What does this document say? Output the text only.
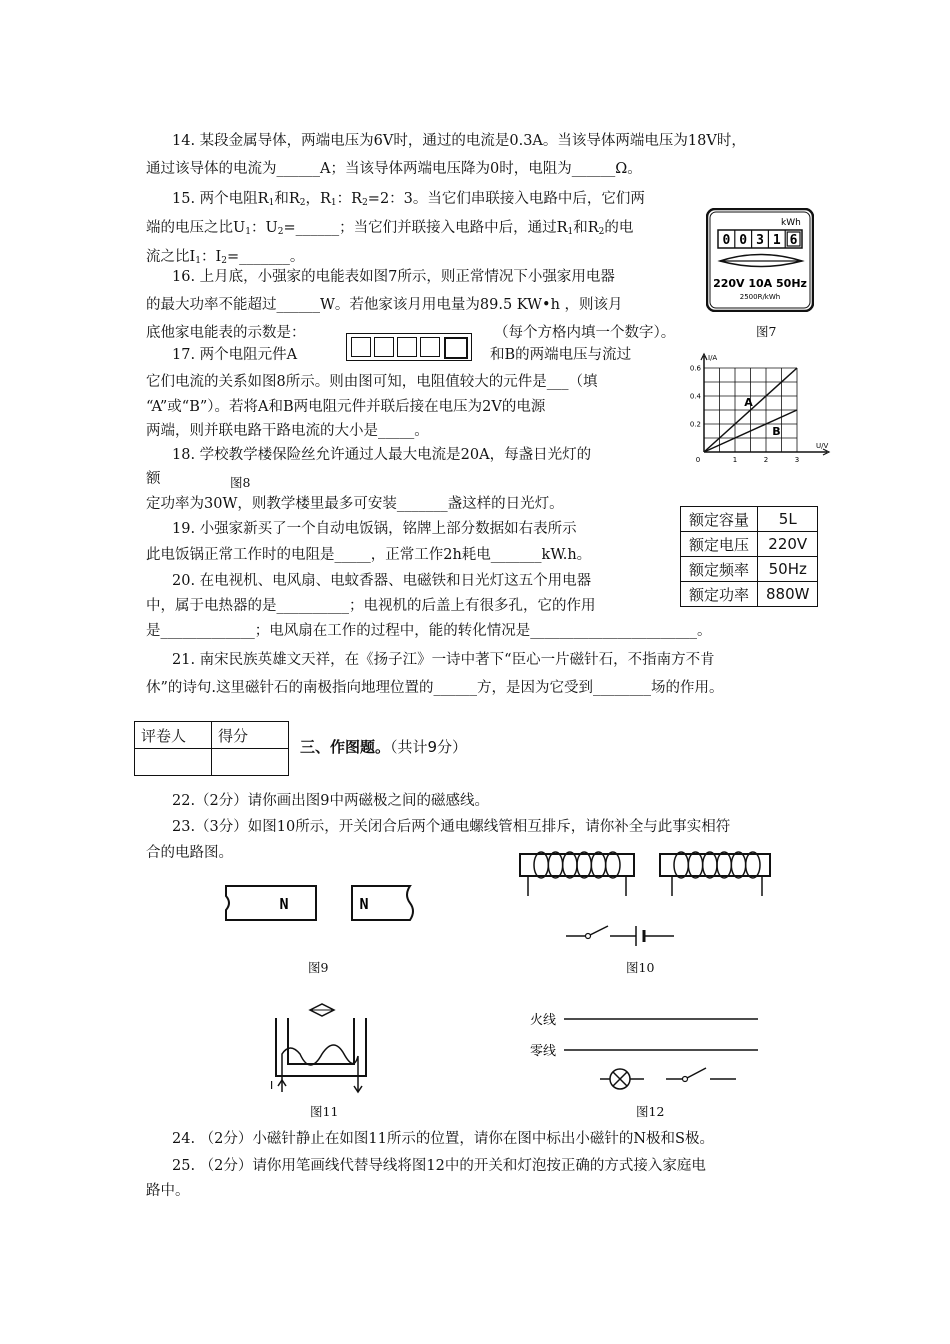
14. 某段金属导体，两端电压为6V时，通过的电流是0.3A。当该导体两端电压为18V时，
通过该导体的电流为______A；当该导体两端电压降为0时，电阻为______Ω。
15. 两个电阻$R_1$和$R_2$，$R_1$：$R_2=2$：3。当它们串联接入电路中后，它们两
端的电压之比$U_1$：$U_2=\_\_\_\_\_\_$；当它们并联接入电路中后，通过$R_1$和$R_2$的电
流之比$I_1$：$I_2=\_\_\_\_\_\_\_$。
0 0 3 1 6
kWh
220V 10A 50Hz
2500R/kWh
图7
16. 上月底，小强家的电能表如图7所示，则正常情况下小强家用电器
的最大功率不能超过______W。若他家该月用电量为89.5 KW•h ，则该月
底他家电能表的示数是：	（每个方格内填一个数字）。
17. 两个电阻元件A	和B的两端电压与流过
它们电流的关系如图8所示。则由图可知，电阻值较大的元件是___（填
“A”或“B”）。若将A和B两电阻元件并联后接在电压为2V的电源
两端，则并联电路干路电流的大小是_____。
I/A
U/V
0	1	2	3
0.2
0.4
0.6
A
B
18. 学校教学楼保险丝允许通过人最大电流是20A，每盏日光灯的
额	图8
定功率为30W，则教学楼里最多可安装_______盏这样的日光灯。
19. 小强家新买了一个自动电饭锅，铭牌上部分数据如右表所示
此电饭锅正常工作时的电阻是_____，正常工作2h耗电_______kW.h。
额定容量	5L
额定电压	220V
额定频率	50Hz
额定功率	880W
20. 在电视机、电风扇、电蚊香器、电磁铁和日光灯这五个用电器
中，属于电热器的是__________；电视机的后盖上有很多孔，它的作用
是_____________；电风扇在工作的过程中，能的转化情况是_______________________。
21. 南宋民族英雄文天祥，在《扬子江》一诗中著下“臣心一片磁针石，不指南方不肯
休”的诗句.这里磁针石的南极指向地理位置的______方，是因为它受到________场的作用。
评卷人	得分

三、作图题。（共计9分）
22.（2分）请你画出图9中两磁极之间的磁感线。
23.（3分）如图10所示，开关闭合后两个通电螺线管相互排斥，请你补全与此事实相符
合的电路图。
N	N
图9	图10
I
图11
火线
零线
图12
24. （2分）小磁针静止在如图11所示的位置，请你在图中标出小磁针的N极和S极。
25. （2分）请你用笔画线代替导线将图12中的开关和灯泡按正确的方式接入家庭电
路中。
